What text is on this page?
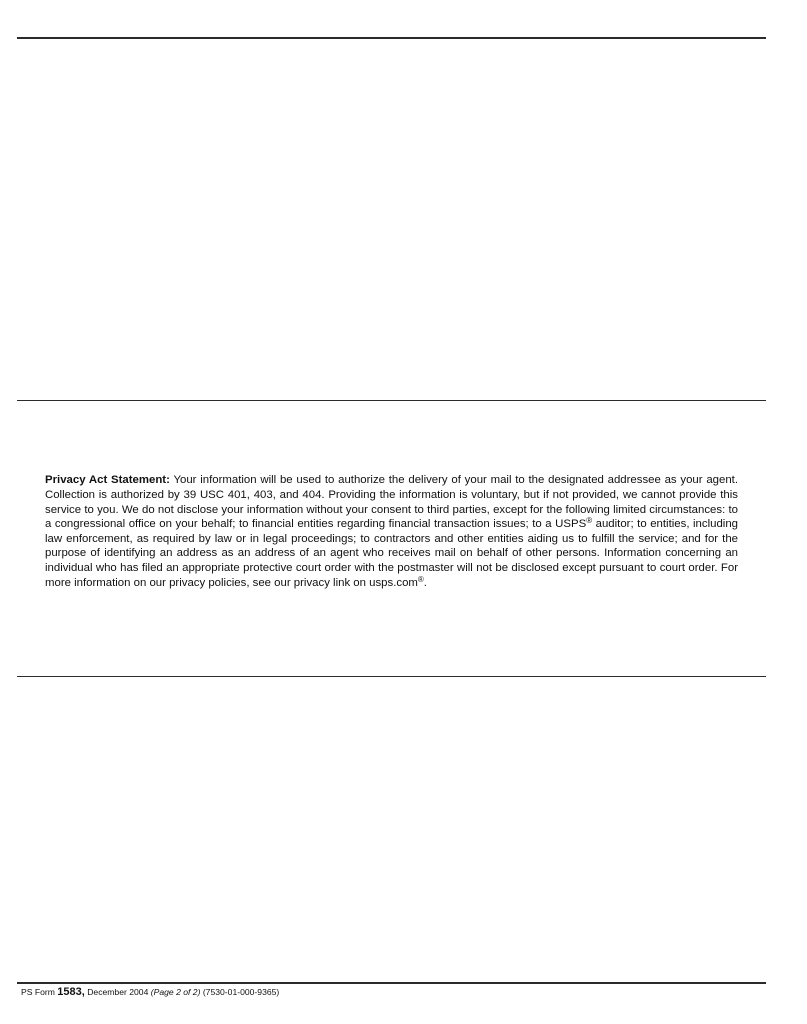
Privacy Act Statement: Your information will be used to authorize the delivery of your mail to the designated addressee as your agent. Collection is authorized by 39 USC 401, 403, and 404. Providing the information is voluntary, but if not provided, we cannot provide this service to you. We do not disclose your information without your consent to third parties, except for the following limited circumstances: to a congressional office on your behalf; to financial entities regarding financial transaction issues; to a USPS® auditor; to entities, including law enforcement, as required by law or in legal proceedings; to contractors and other entities aiding us to fulfill the service; and for the purpose of identifying an address as an address of an agent who receives mail on behalf of other persons. Information concerning an individual who has filed an appropriate protective court order with the postmaster will not be disclosed except pursuant to court order. For more information on our privacy policies, see our privacy link on usps.com®.

PS Form 1583, December 2004 (Page 2 of 2) (7530-01-000-9365)
